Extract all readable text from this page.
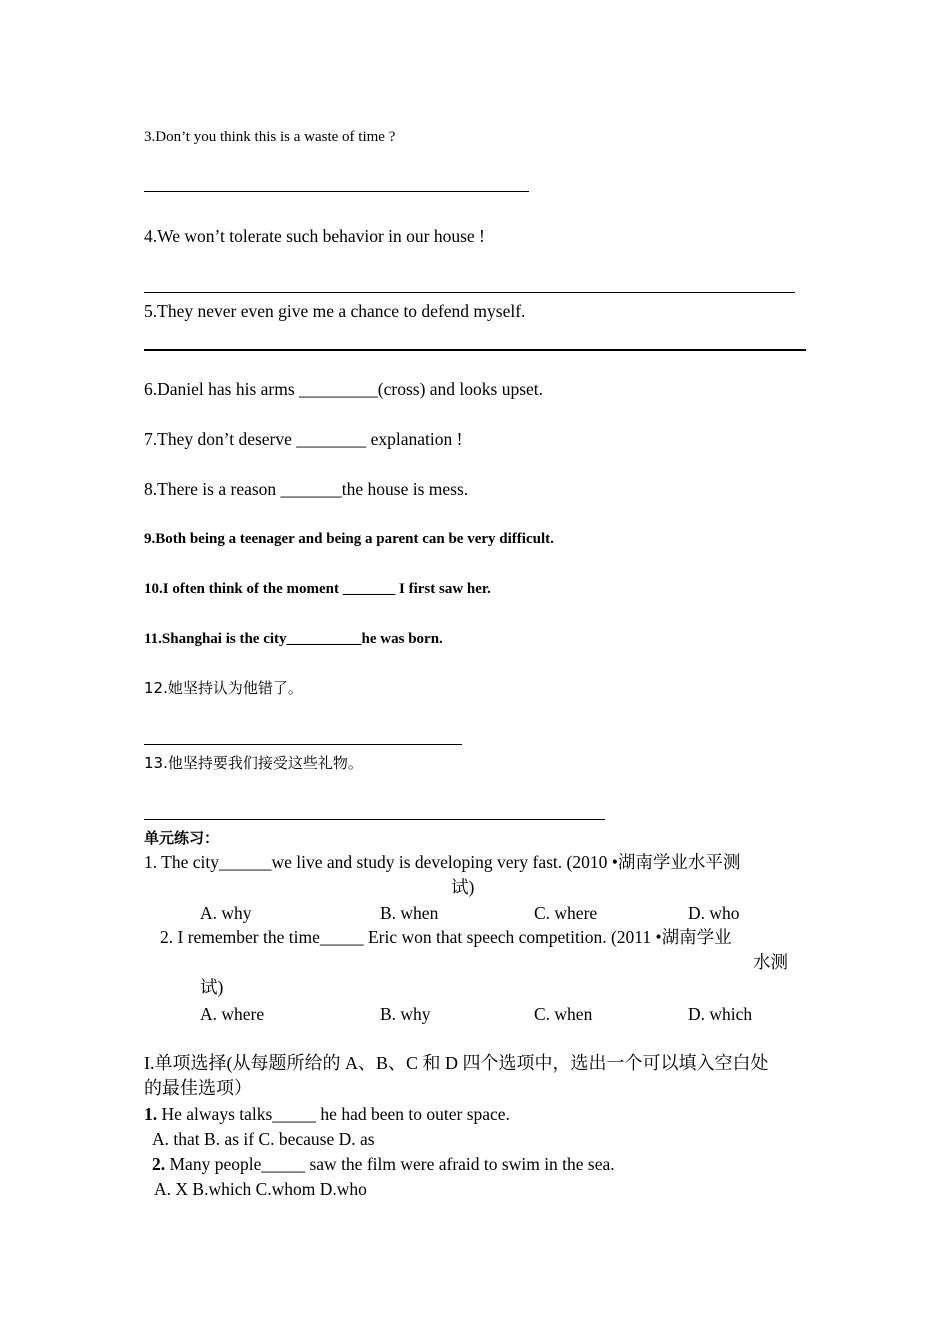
3.Don’t you think this is a waste of time ?
4.We won’t tolerate such behavior in our house !
5.They never even give me a chance to defend myself.
6.Daniel has his arms _________(cross) and looks upset.
7.They don’t deserve ________ explanation !
8.There is a reason _______the house is mess.
9.Both being a teenager and being a parent can be very difficult.
10.I often think of the moment _______ I first saw her.
11.Shanghai is the city__________he was born.
12.她坚持认为他错了。
13.他坚持要我们接受这些礼物。
单元练习：
1. The city______we live and study is developing very fast. (2010 •湖南学业水平测
试)
A. why	B. when	C. where	D. who
2. I remember the time_____ Eric won that speech competition. (2011 •湖南学业
水测
试)
A. where	B. why	C. when	D. which
I.单项选择(从每题所给的 A、B、C 和 D 四个选项中，选出一个可以填入空白处
的最佳选项）
1. He always talks_____ he had been to outer space.
A. that B. as if C. because D. as
2. Many people_____ saw the film were afraid to swim in the sea.
A. X B.which C.whom D.who
